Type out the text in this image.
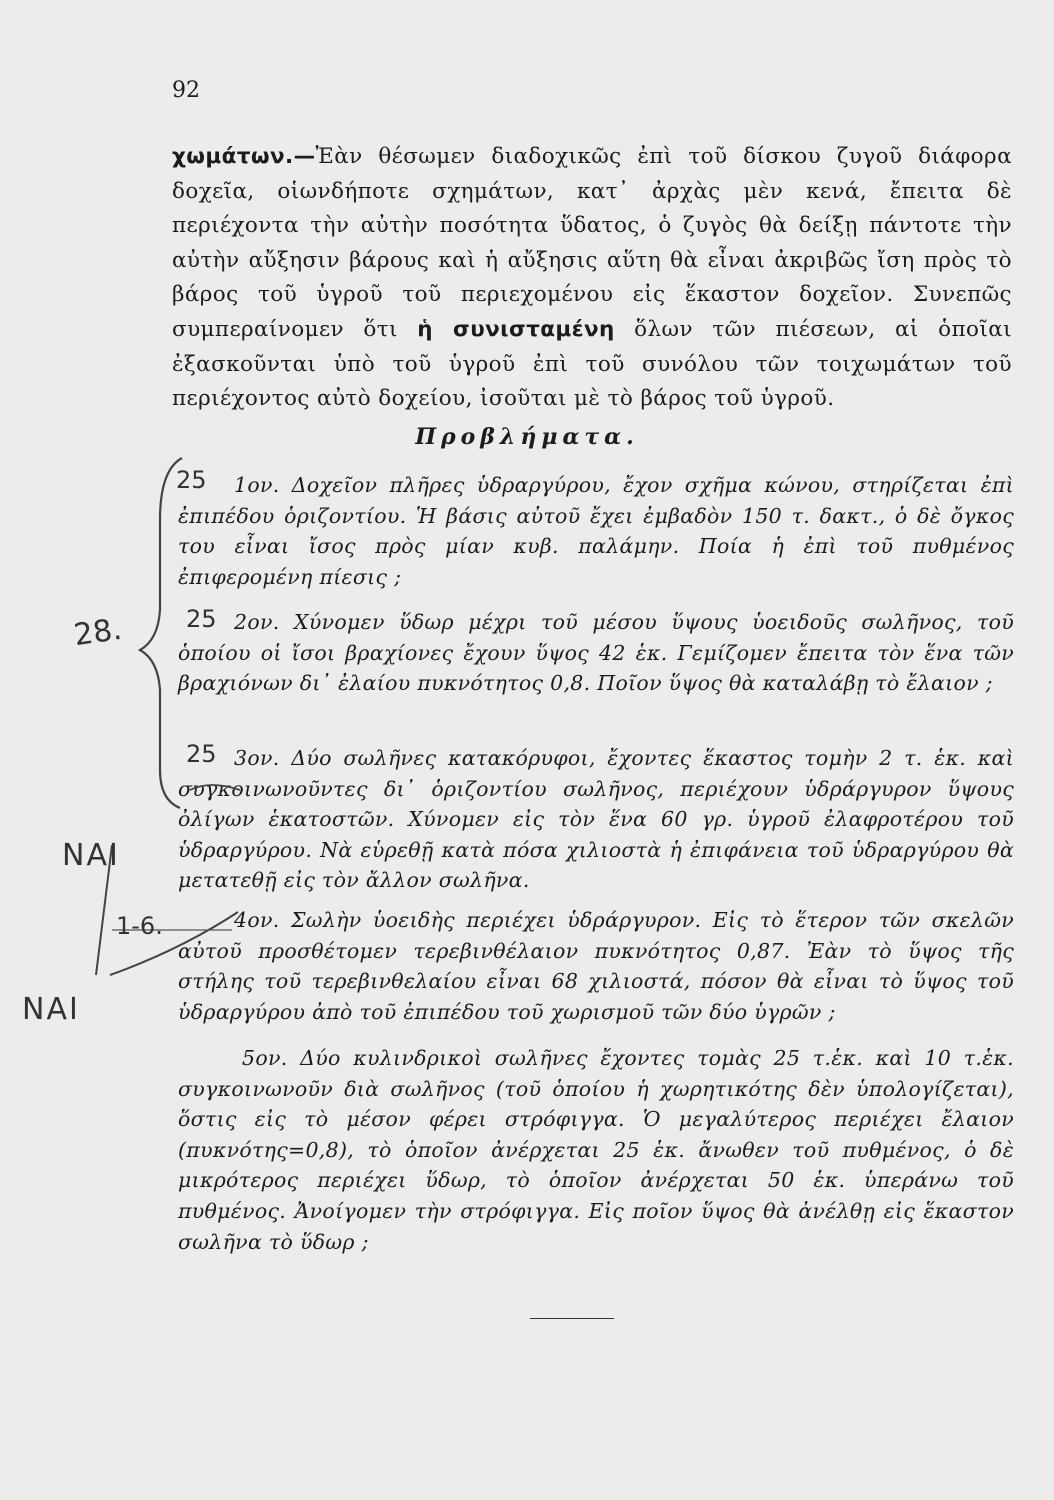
92
χωμάτων.—Ἐὰν θέσωμεν διαδοχικῶς ἐπὶ τοῦ δίσκου ζυγοῦ διάφορα δοχεῖα, οἱωνδήποτε σχημάτων, κατ᾽ ἀρχὰς μὲν κενά, ἔπειτα δὲ περιέχοντα τὴν αὐτὴν ποσότητα ὕδατος, ὁ ζυγὸς θὰ δείξῃ πάντοτε τὴν αὐτὴν αὔξησιν βάρους καὶ ἡ αὔξησις αὕτη θὰ εἶναι ἀκριβῶς ἴση πρὸς τὸ βάρος τοῦ ὑγροῦ τοῦ περιεχομένου εἰς ἕκαστον δοχεῖον. Συνεπῶς συμπεραίνομεν ὅτι ἡ συνισταμένη ὅλων τῶν πιέσεων, αἱ ὁποῖαι ἐξασκοῦνται ὑπὸ τοῦ ὑγροῦ ἐπὶ τοῦ συνόλου τῶν τοιχωμάτων τοῦ περιέχοντος αὐτὸ δοχείου, ἰσοῦται μὲ τὸ βάρος τοῦ ὑγροῦ.
Προβλήματα.
1ον. Δοχεῖον πλῆρες ὑδραργύρου, ἔχον σχῆμα κώνου, στηρίζεται ἐπὶ ἐπιπέδου ὁριζοντίου. Ἡ βάσις αὐτοῦ ἔχει ἐμβαδὸν 150 τ. δακτ., ὁ δὲ ὄγκος του εἶναι ἴσος πρὸς μίαν κυβ. παλάμην. Ποία ἡ ἐπὶ τοῦ πυθμένος ἐπιφερομένη πίεσις ;
2ον. Χύνομεν ὕδωρ μέχρι τοῦ μέσου ὕψους ὑοειδοῦς σωλῆνος, τοῦ ὁποίου οἱ ἴσοι βραχίονες ἔχουν ὕψος 42 ἑκ. Γεμίζομεν ἔπειτα τὸν ἕνα τῶν βραχιόνων δι᾽ ἐλαίου πυκνότητος 0,8. Ποῖον ὕψος θὰ καταλάβῃ τὸ ἔλαιον ;
3ον. Δύο σωλῆνες κατακόρυφοι, ἔχοντες ἕκαστος τομὴν 2 τ. ἑκ. καὶ συγκοινωνοῦντες δι᾽ ὁριζοντίου σωλῆνος, περιέχουν ὑδράργυρον ὕψους ὀλίγων ἑκατοστῶν. Χύνομεν εἰς τὸν ἕνα 60 γρ. ὑγροῦ ἐλαφροτέρου τοῦ ὑδραργύρου. Νὰ εὑρεθῇ κατὰ πόσα χιλιοστὰ ἡ ἐπιφάνεια τοῦ ὑδραργύρου θὰ μετατεθῇ εἰς τὸν ἄλλον σωλῆνα.
4ον. Σωλὴν ὑοειδὴς περιέχει ὑδράργυρον. Εἰς τὸ ἕτερον τῶν σκελῶν αὐτοῦ προσθέτομεν τερεβινθέλαιον πυκνότητος 0,87. Ἐὰν τὸ ὕψος τῆς στήλης τοῦ τερεβινθελαίου εἶναι 68 χιλιοστά, πόσον θὰ εἶναι τὸ ὕψος τοῦ ὑδραργύρου ἀπὸ τοῦ ἐπιπέδου τοῦ χωρισμοῦ τῶν δύο ὑγρῶν ;
5ον. Δύο κυλινδρικοὶ σωλῆνες ἔχοντες τομὰς 25 τ.ἑκ. καὶ 10 τ.ἑκ. συγκοινωνοῦν διὰ σωλῆνος (τοῦ ὁποίου ἡ χωρητικότης δὲν ὑπολογίζεται), ὅστις εἰς τὸ μέσον φέρει στρόφιγγα. Ὁ μεγαλύτερος περιέχει ἔλαιον (πυκνότης=0,8), τὸ ὁποῖον ἀνέρχεται 25 ἑκ. ἄνωθεν τοῦ πυθμένος, ὁ δὲ μικρότερος περιέχει ὕδωρ, τὸ ὁποῖον ἀνέρχεται 50 ἑκ. ὑπεράνω τοῦ πυθμένος. Ἀνοίγομεν τὴν στρόφιγγα. Εἰς ποῖον ὕψος θὰ ἀνέλθῃ εἰς ἕκαστον σωλῆνα τὸ ὕδωρ ;
25
25
25
28.
1-6.
ΝΑΙ
ΝΑΙ
